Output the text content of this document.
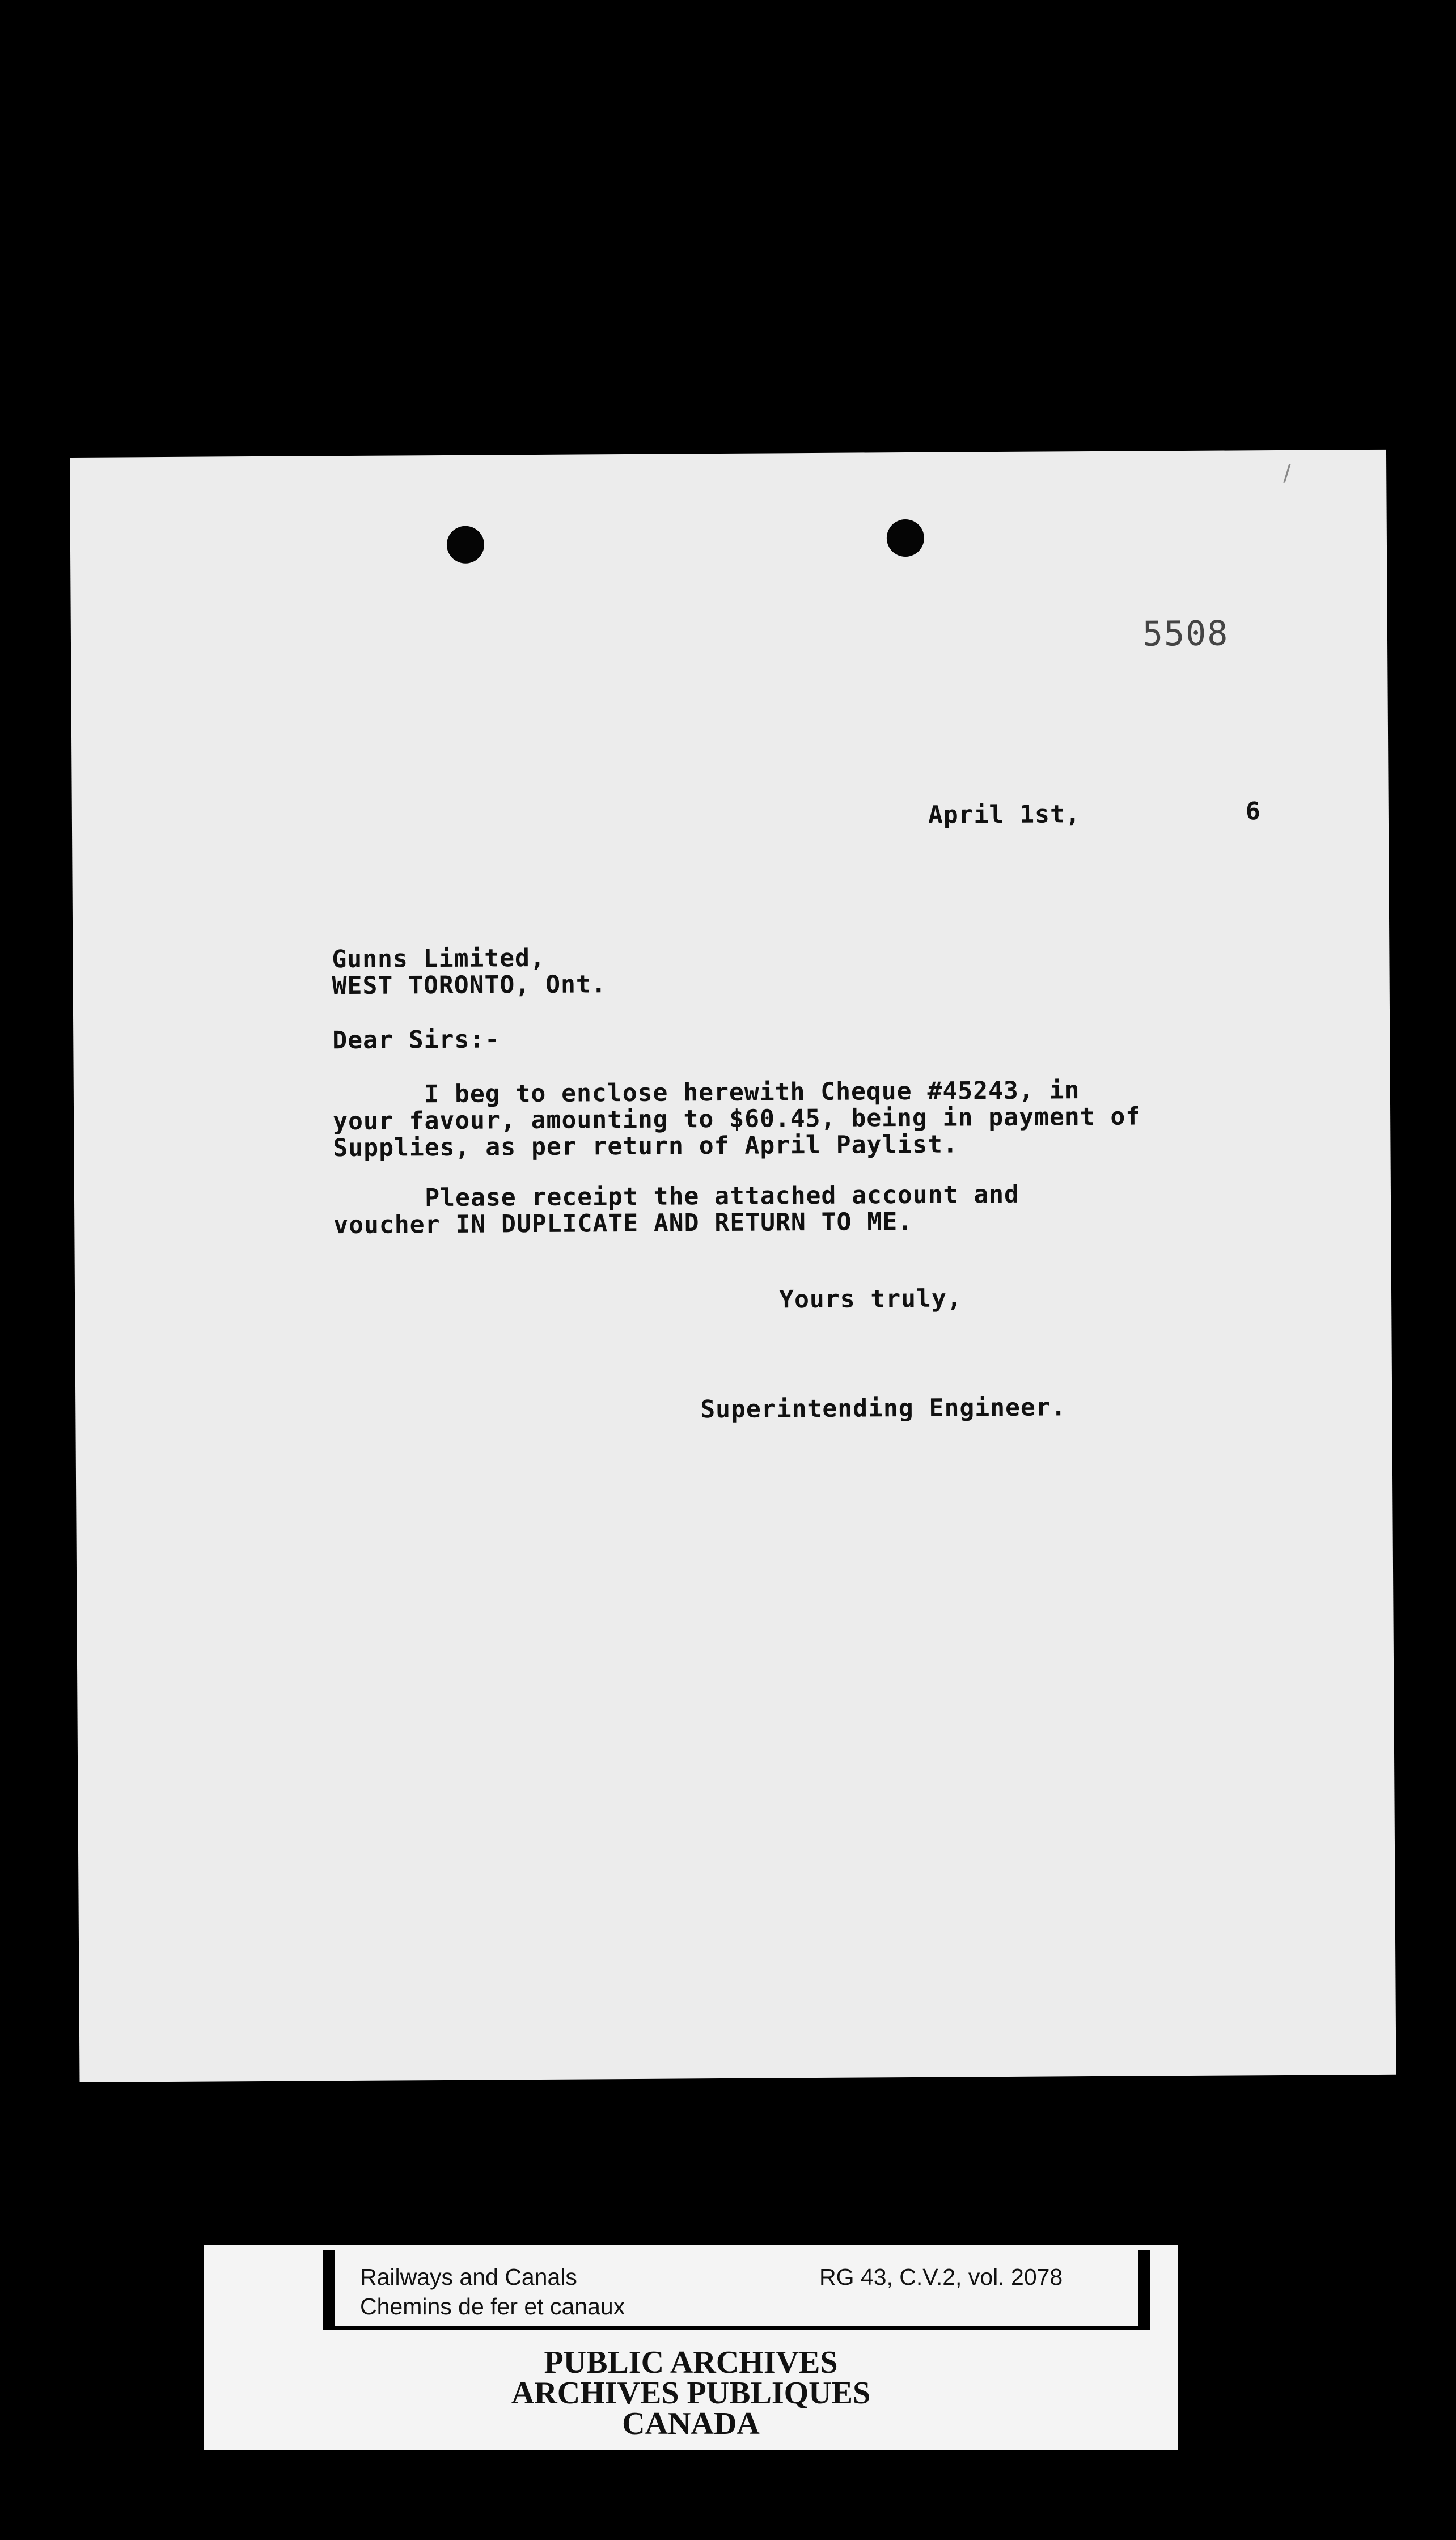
/
5508
April 1st,	6
Gunns Limited,
WEST TORONTO, Ont.
Dear Sirs:-
I beg to enclose herewith Cheque #45243, in
your favour, amounting to $60.45, being in payment of
Supplies, as per return of April Paylist.
Please receipt the attached account and
voucher IN DUPLICATE AND RETURN TO ME.
Yours truly,
Superintending Engineer.
Railways and Canals
Chemins de fer et canaux
RG 43, C.V.2, vol. 2078
PUBLIC ARCHIVES
ARCHIVES PUBLIQUES
CANADA
